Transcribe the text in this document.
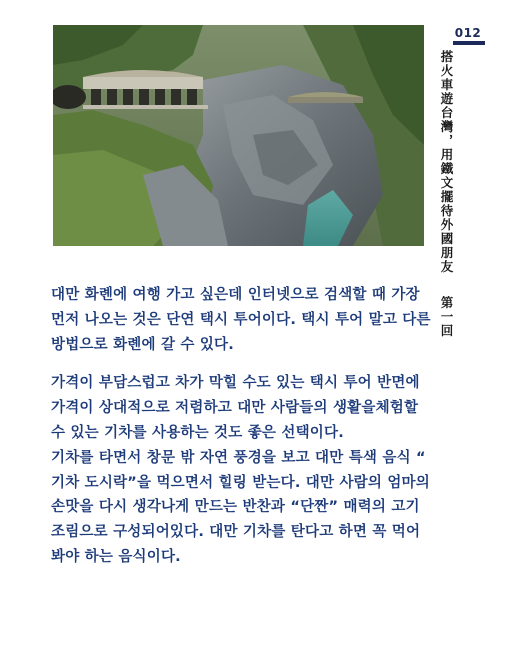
012
搭火車遊台灣，用鐵文擺待外國朋友第一回

대만 화롄에 여행 가고 싶은데 인터넷으로 검색할 때 가장 먼저 나오는 것은 단연 택시 투어이다. 택시 투어 말고 다른 방법으로 화롄에 갈 수 있다.

가격이 부담스럽고 차가 막힐 수도 있는 택시 투어 반면에 가격이 상대적으로 저렴하고 대만 사람들의 생활을체험할 수 있는 기차를 사용하는 것도 좋은 선택이다.

기차를 타면서 창문 밖 자연 풍경을 보고 대만 특색 음식 “ 기차 도시락”을 먹으면서 힐링 받는다. 대만 사람의 엄마의 손맛을 다시 생각나게 만드는 반찬과 “단짠” 매력의 고기조림으로 구성되어있다. 대만 기차를 탄다고 하면 꼭 먹어 봐야 하는 음식이다.
